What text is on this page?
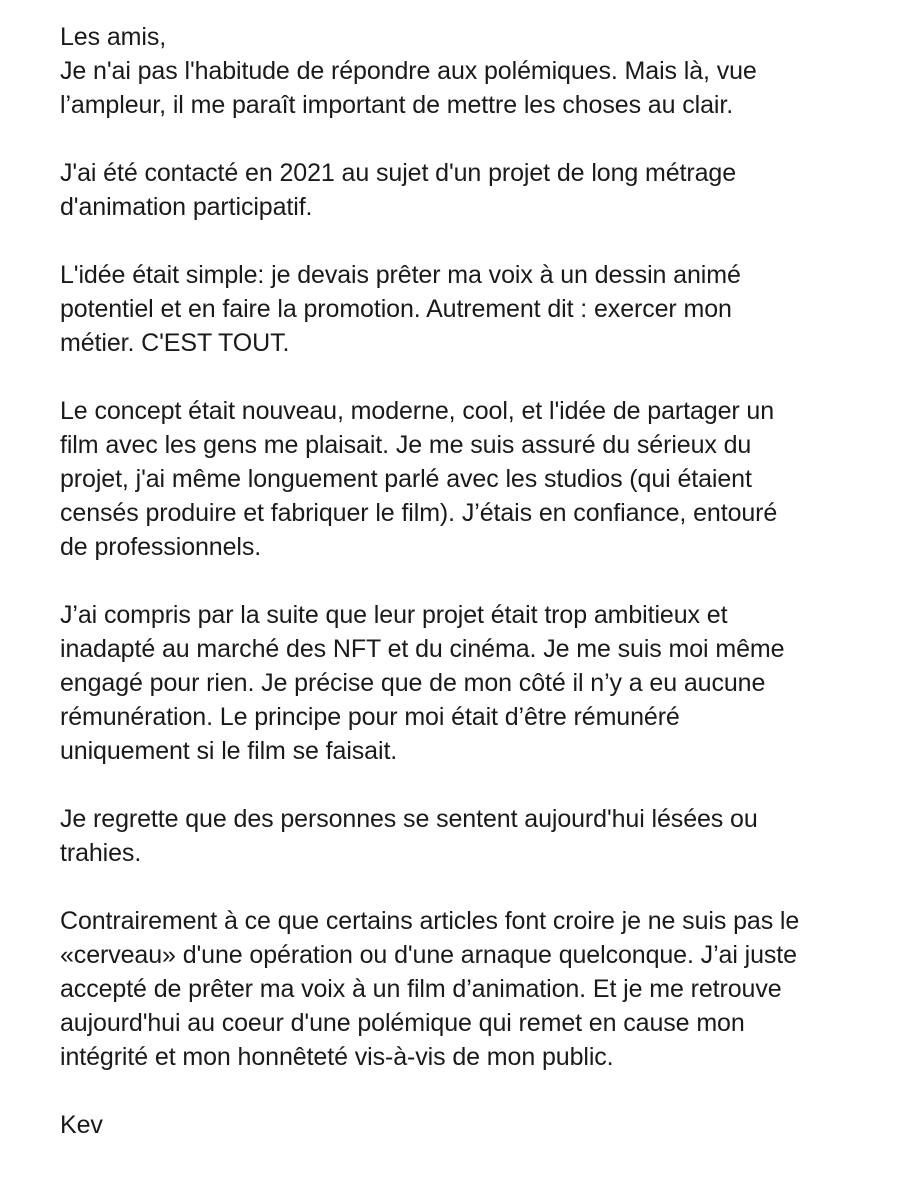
Les amis,
Je n'ai pas l'habitude de répondre aux polémiques. Mais là, vue
l’ampleur, il me paraît important de mettre les choses au clair.
J'ai été contacté en 2021 au sujet d'un projet de long métrage
d'animation participatif.
L'idée était simple: je devais prêter ma voix à un dessin animé
potentiel et en faire la promotion. Autrement dit : exercer mon
métier. C'EST TOUT.
Le concept était nouveau, moderne, cool, et l'idée de partager un
film avec les gens me plaisait. Je me suis assuré du sérieux du
projet, j'ai même longuement parlé avec les studios (qui étaient
censés produire et fabriquer le film). J’étais en confiance, entouré
de professionnels.
J’ai compris par la suite que leur projet était trop ambitieux et
inadapté au marché des NFT et du cinéma. Je me suis moi même
engagé pour rien. Je précise que de mon côté il n’y a eu aucune
rémunération. Le principe pour moi était d’être rémunéré
uniquement si le film se faisait.
Je regrette que des personnes se sentent aujourd'hui lésées ou
trahies.
Contrairement à ce que certains articles font croire je ne suis pas le
«cerveau» d'une opération ou d'une arnaque quelconque. J’ai juste
accepté de prêter ma voix à un film d’animation. Et je me retrouve
aujourd'hui au coeur d'une polémique qui remet en cause mon
intégrité et mon honnêteté vis-à-vis de mon public.
Kev
